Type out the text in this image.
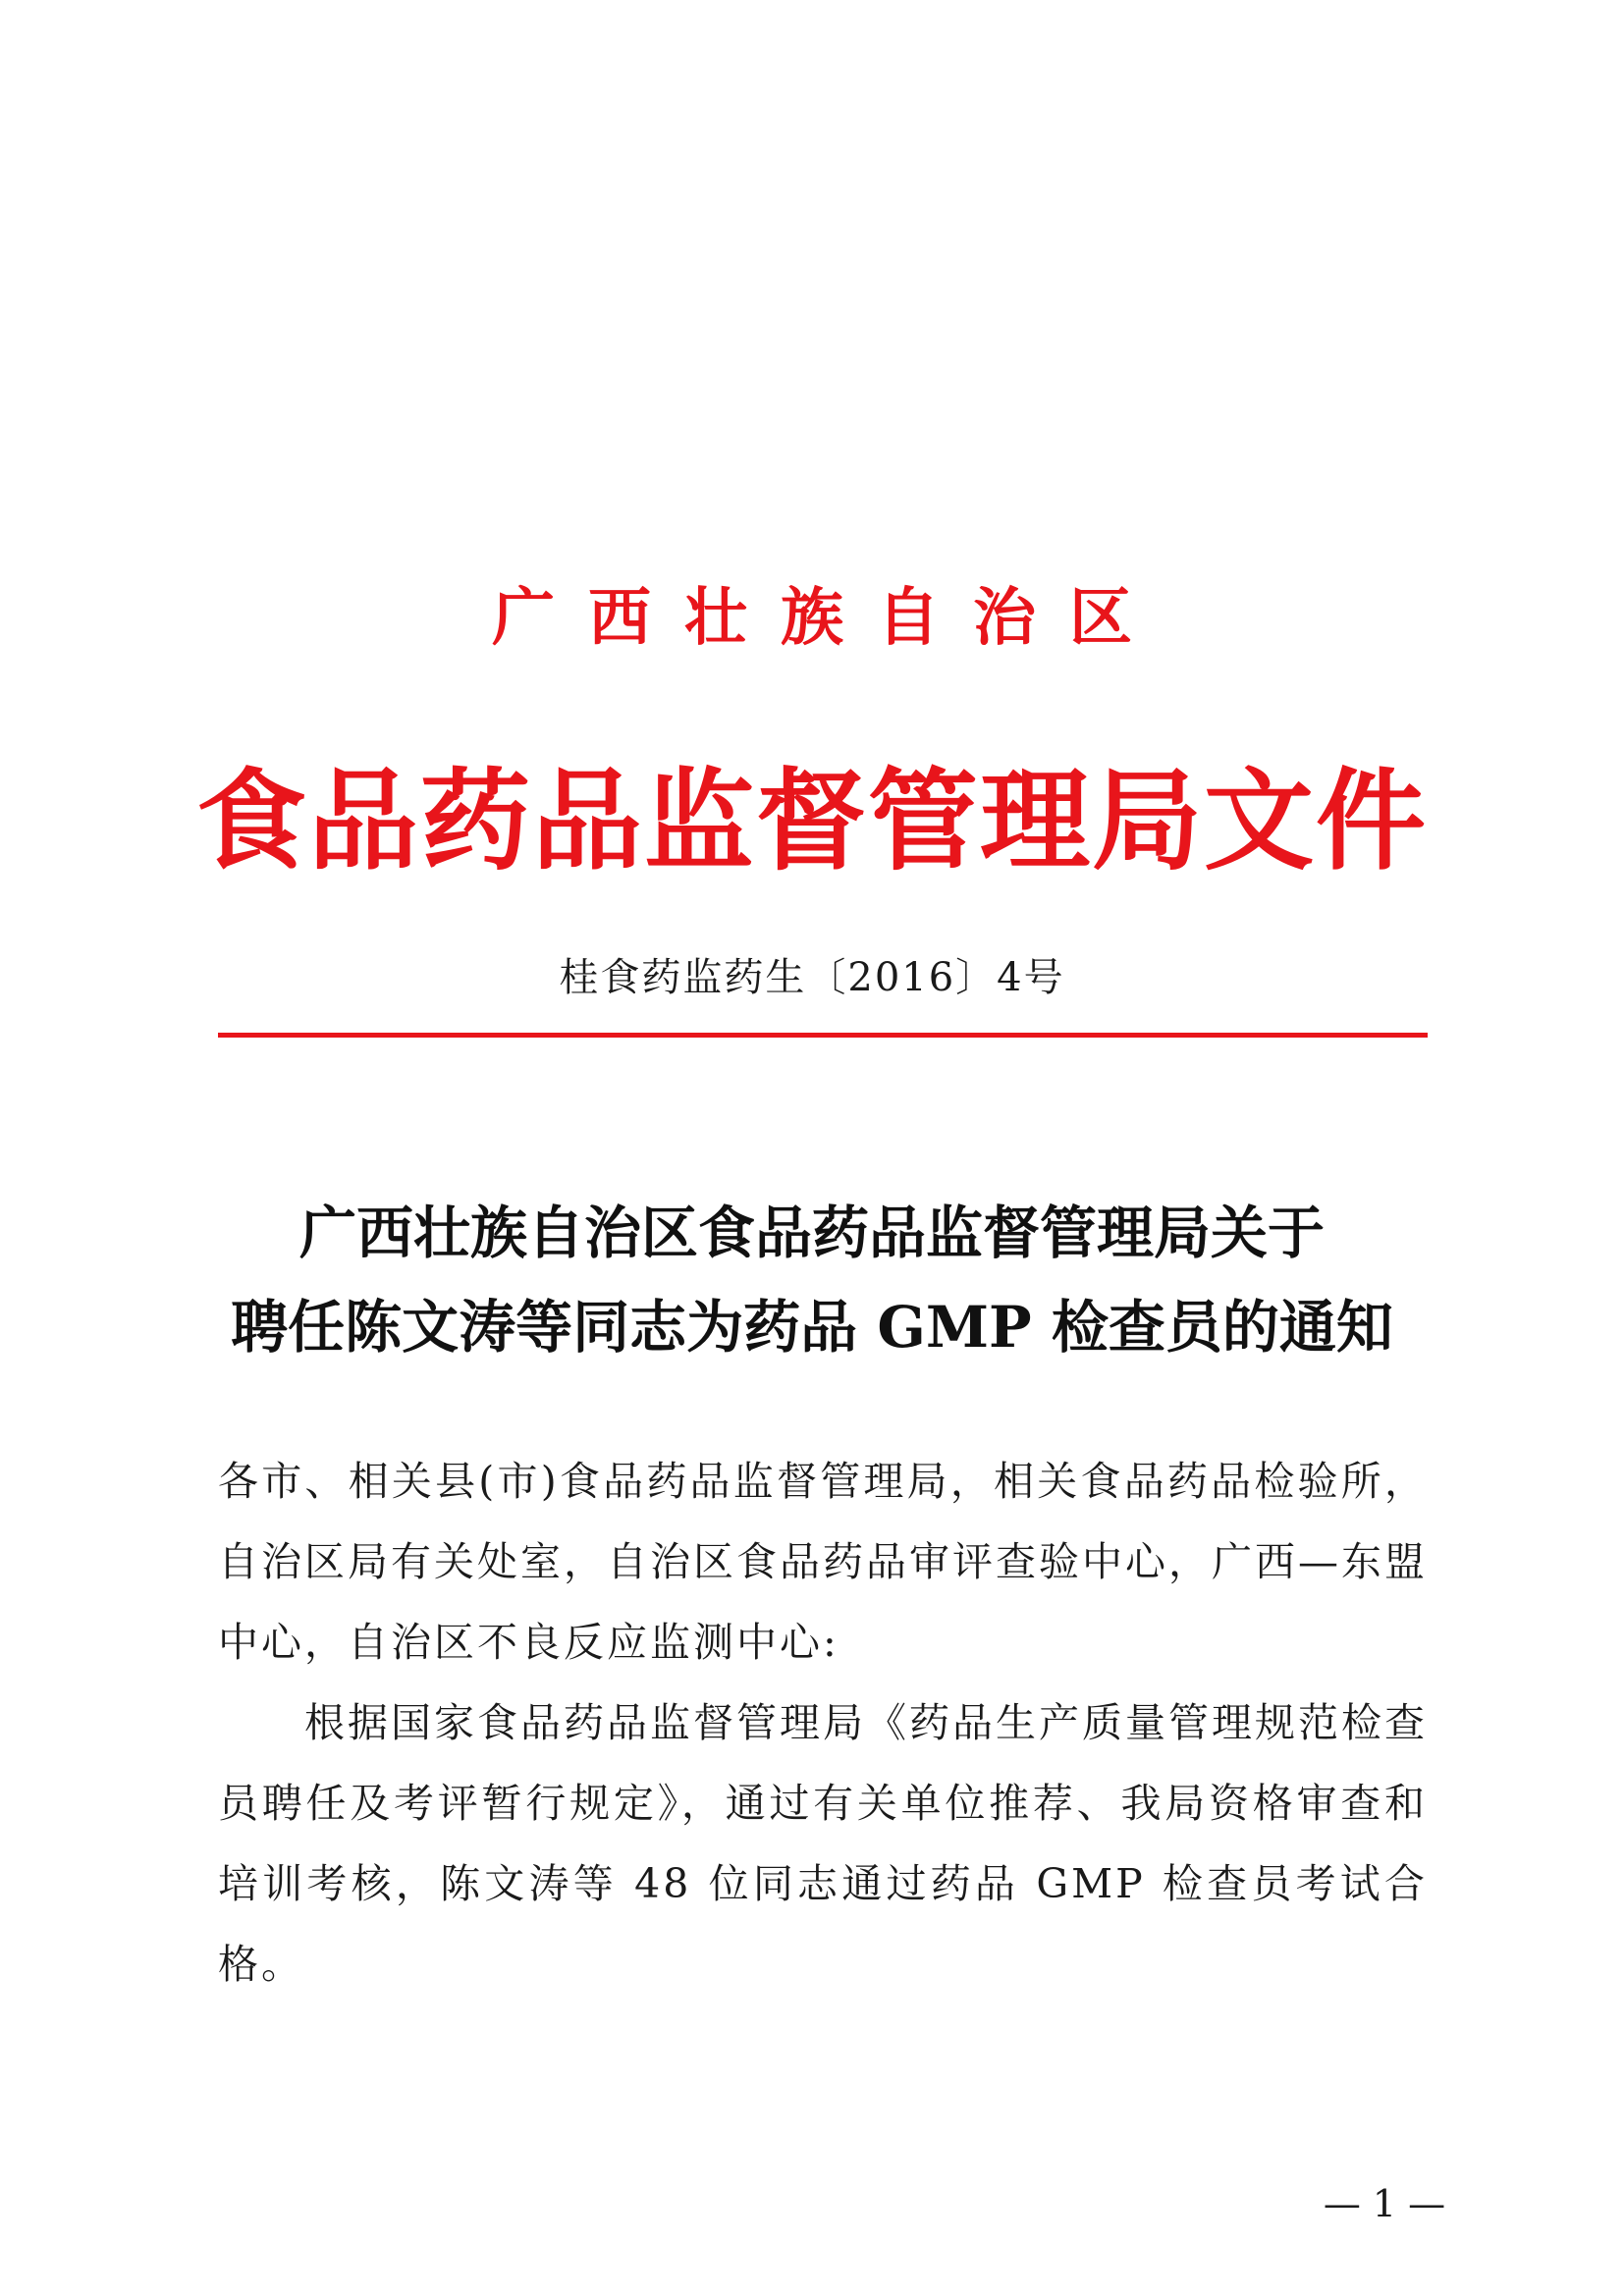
广西壮族自治区
食品药品监督管理局文件
桂食药监药生〔2016〕4号
广西壮族自治区食品药品监督管理局关于
聘任陈文涛等同志为药品 GMP 检查员的通知

各市、相关县(市)食品药品监督管理局，相关食品药品检验所，自治区局有关处室，自治区食品药品审评查验中心，广西—东盟中心，自治区不良反应监测中心:

根据国家食品药品监督管理局《药品生产质量管理规范检查员聘任及考评暂行规定》，通过有关单位推荐、我局资格审查和培训考核，陈文涛等 48 位同志通过药品 GMP 检查员考试合格。

— 1 —
